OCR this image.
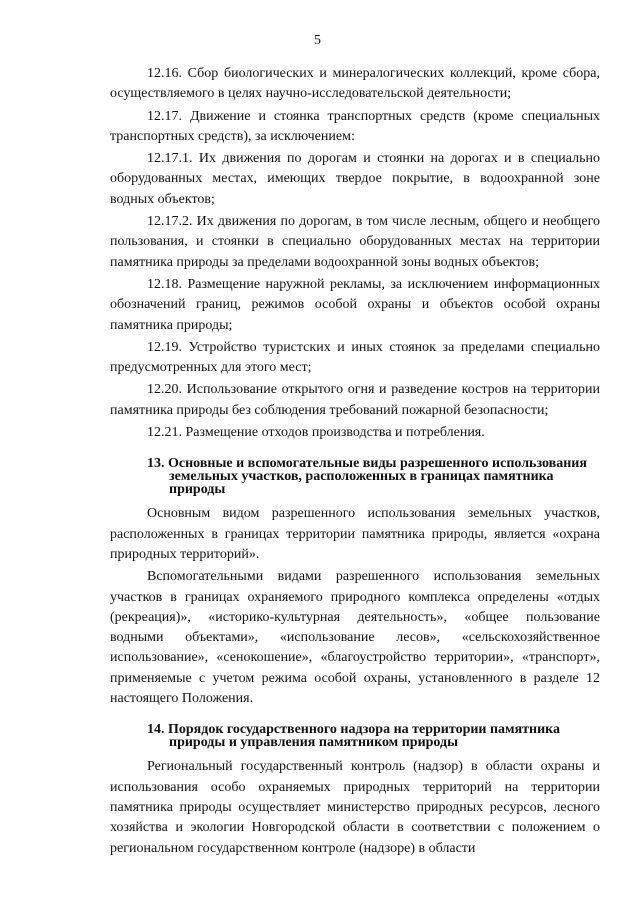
5

12.16. Сбор биологических и минералогических коллекций, кроме сбора, осуществляемого в целях научно-исследовательской деятельности;

12.17. Движение и стоянка транспортных средств (кроме специальных транспортных средств), за исключением:

12.17.1. Их движения по дорогам и стоянки на дорогах и в специально оборудованных местах, имеющих твердое покрытие, в водоохранной зоне водных объектов;

12.17.2. Их движения по дорогам, в том числе лесным, общего и необщего пользования, и стоянки в специально оборудованных местах на территории памятника природы за пределами водоохранной зоны водных объектов;

12.18. Размещение наружной рекламы, за исключением информационных обозначений границ, режимов особой охраны и объектов особой охраны памятника природы;

12.19. Устройство туристских и иных стоянок за пределами специально предусмотренных для этого мест;

12.20. Использование открытого огня и разведение костров на территории памятника природы без соблюдения требований пожарной безопасности;

12.21. Размещение отходов производства и потребления.

13. Основные и вспомогательные виды разрешенного использования
земельных участков, расположенных в границах памятника
природы

Основным видом разрешенного использования земельных участков, расположенных в границах территории памятника природы, является «охрана природных территорий».

Вспомогательными видами разрешенного использования земельных участков в границах охраняемого природного комплекса определены «отдых (рекреация)», «историко-культурная деятельность», «общее пользование водными объектами», «использование лесов», «сельскохозяйственное использование», «сенокошение», «благоустройство территории», «транспорт», применяемые с учетом режима особой охраны, установленного в разделе 12 настоящего Положения.

14. Порядок государственного надзора на территории памятника
природы и управления памятником природы

Региональный государственный контроль (надзор) в области охраны и использования особо охраняемых природных территорий на территории памятника природы осуществляет министерство природных ресурсов, лесного хозяйства и экологии Новгородской области в соответствии с положением о региональном государственном контроле (надзоре) в области
